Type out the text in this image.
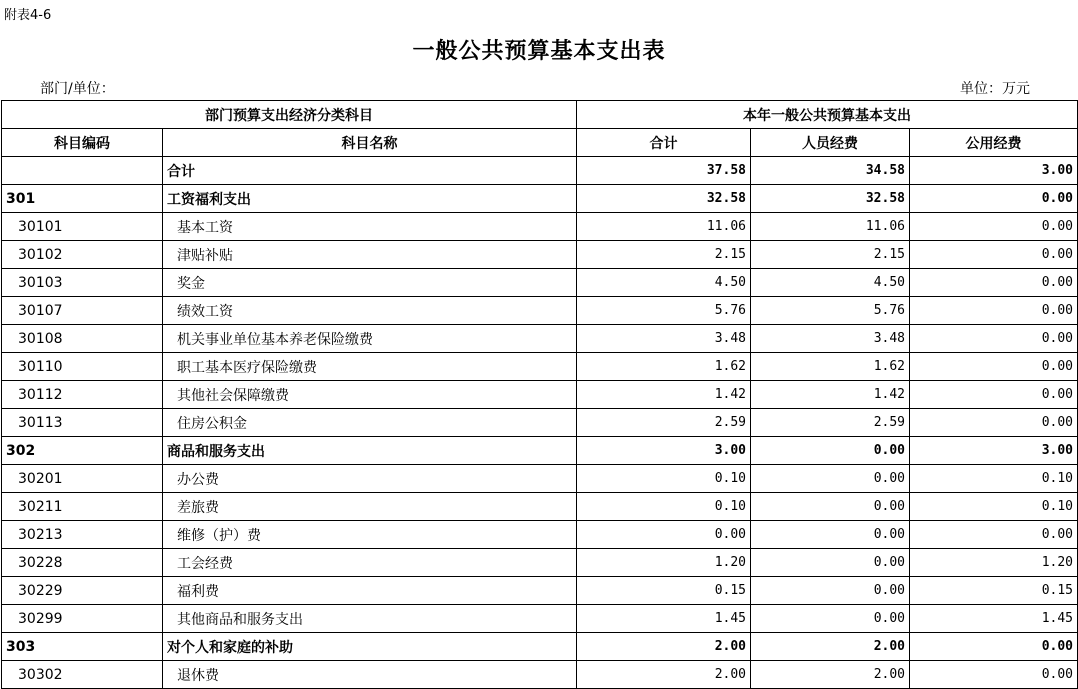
附表4-6
一般公共预算基本支出表
部门/单位：	单位：万元
部门预算支出经济分类科目		本年一般公共预算基本支出		
科目编码	科目名称	合计	人员经费	公用经费
	合计	37.58	34.58	3.00
301	工资福利支出	32.58	32.58	0.00
30101	基本工资	11.06	11.06	0.00
30102	津贴补贴	2.15	2.15	0.00
30103	奖金	4.50	4.50	0.00
30107	绩效工资	5.76	5.76	0.00
30108	机关事业单位基本养老保险缴费	3.48	3.48	0.00
30110	职工基本医疗保险缴费	1.62	1.62	0.00
30112	其他社会保障缴费	1.42	1.42	0.00
30113	住房公积金	2.59	2.59	0.00
302	商品和服务支出	3.00	0.00	3.00
30201	办公费	0.10	0.00	0.10
30211	差旅费	0.10	0.00	0.10
30213	维修（护）费	0.00	0.00	0.00
30228	工会经费	1.20	0.00	1.20
30229	福利费	0.15	0.00	0.15
30299	其他商品和服务支出	1.45	0.00	1.45
303	对个人和家庭的补助	2.00	2.00	0.00
30302	退休费	2.00	2.00	0.00
